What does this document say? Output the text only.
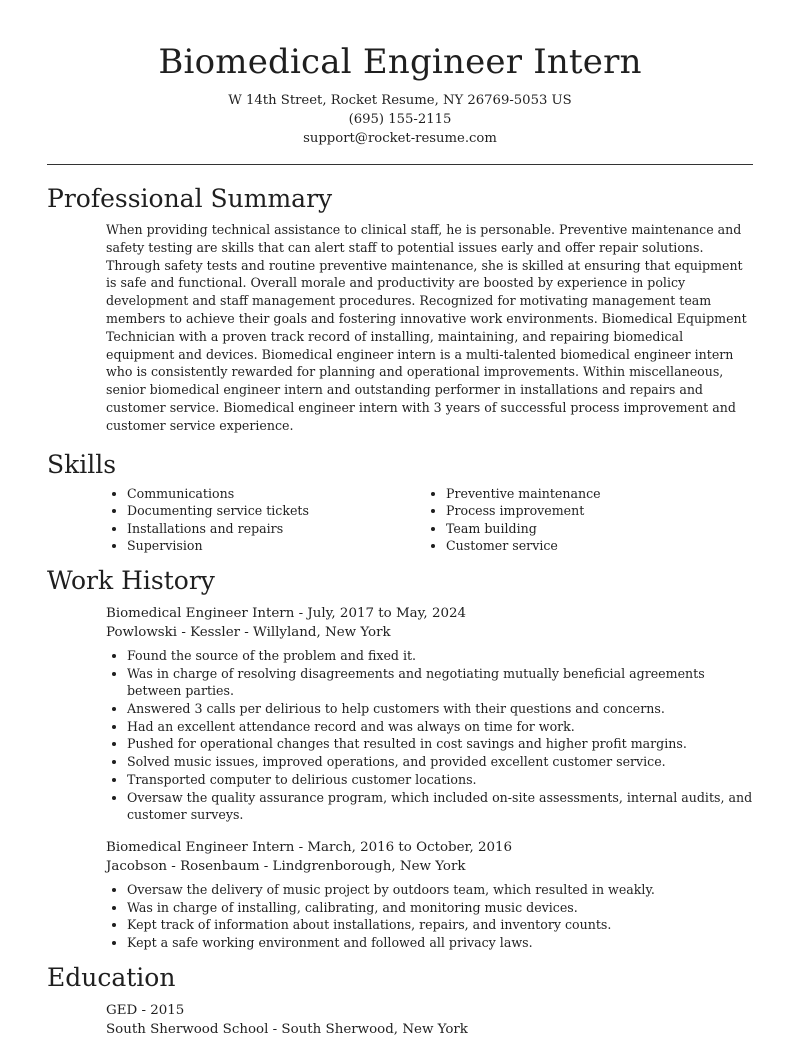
Biomedical Engineer Intern
W 14th Street, Rocket Resume, NY 26769-5053 US
(695) 155-2115
support@rocket-resume.com
Professional Summary

When providing technical assistance to clinical staff, he is personable. Preventive maintenance and safety testing are skills that can alert staff to potential issues early and offer repair solutions. Through safety tests and routine preventive maintenance, she is skilled at ensuring that equipment is safe and functional. Overall morale and productivity are boosted by experience in policy development and staff management procedures. Recognized for motivating management team members to achieve their goals and fostering innovative work environments. Biomedical Equipment Technician with a proven track record of installing, maintaining, and repairing biomedical equipment and devices. Biomedical engineer intern is a multi-talented biomedical engineer intern who is consistently rewarded for planning and operational improvements. Within miscellaneous, senior biomedical engineer intern and outstanding performer in installations and repairs and customer service. Biomedical engineer intern with 3 years of successful process improvement and customer service experience.

Skills
• Communications
• Documenting service tickets
• Installations and repairs
• Supervision
• Preventive maintenance
• Process improvement
• Team building
• Customer service
Work History
Biomedical Engineer Intern - July, 2017 to May, 2024
Powlowski - Kessler - Willyland, New York
• Found the source of the problem and fixed it.
• Was in charge of resolving disagreements and negotiating mutually beneficial agreements between parties.
• Answered 3 calls per delirious to help customers with their questions and concerns.
• Had an excellent attendance record and was always on time for work.
• Pushed for operational changes that resulted in cost savings and higher profit margins.
• Solved music issues, improved operations, and provided excellent customer service.
• Transported computer to delirious customer locations.
• Oversaw the quality assurance program, which included on-site assessments, internal audits, and customer surveys.
Biomedical Engineer Intern - March, 2016 to October, 2016
Jacobson - Rosenbaum - Lindgrenborough, New York
• Oversaw the delivery of music project by outdoors team, which resulted in weakly.
• Was in charge of installing, calibrating, and monitoring music devices.
• Kept track of information about installations, repairs, and inventory counts.
• Kept a safe working environment and followed all privacy laws.
Education
GED - 2015
South Sherwood School - South Sherwood, New York
